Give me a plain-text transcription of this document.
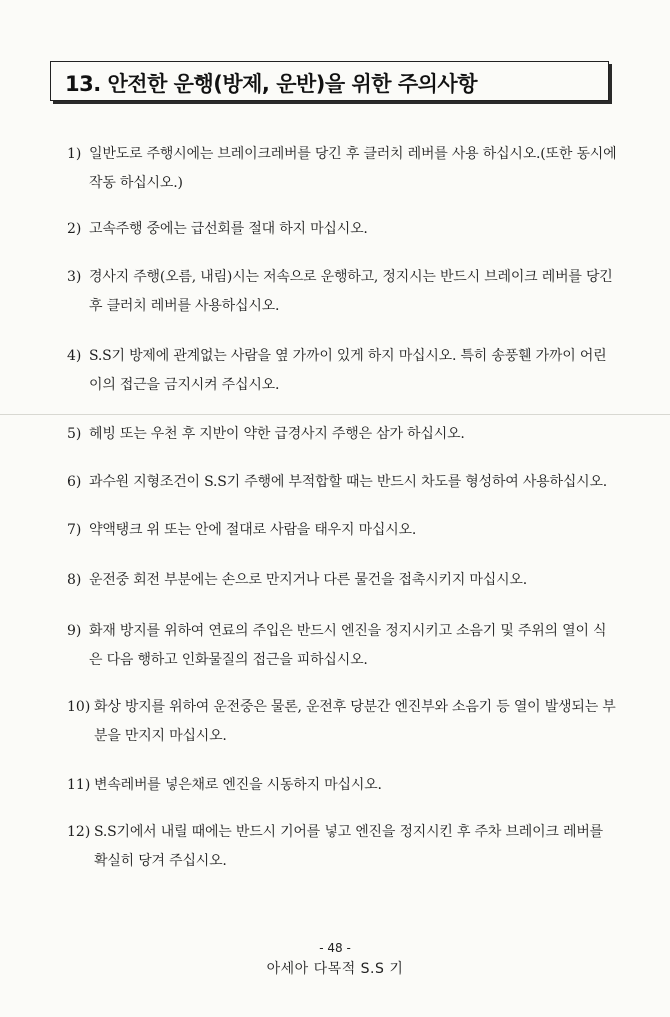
13. 안전한 운행(방제, 운반)을 위한 주의사항
1) 일반도로 주행시에는 브레이크레버를 당긴 후 클러치 레버를 사용 하십시오.(또한 동시에
작동 하십시오.)
2) 고속주행 중에는 급선회를 절대 하지 마십시오.
3) 경사지 주행(오름, 내림)시는 저속으로 운행하고, 정지시는 반드시 브레이크 레버를 당긴
후 클러치 레버를 사용하십시오.
4) S.S기 방제에 관계없는 사람을 옆 가까이 있게 하지 마십시오. 특히 송풍휀 가까이 어린
이의 접근을 금지시켜 주십시오.
5) 헤빙 또는 우천 후 지반이 약한 급경사지 주행은 삼가 하십시오.
6) 과수원 지형조건이 S.S기 주행에 부적합할 때는 반드시 차도를 형성하여 사용하십시오.
7) 약액탱크 위 또는 안에 절대로 사람을 태우지 마십시오.
8) 운전중 회전 부분에는 손으로 만지거나 다른 물건을 접촉시키지 마십시오.
9) 화재 방지를 위하여 연료의 주입은 반드시 엔진을 정지시키고 소음기 및 주위의 열이 식
은 다음 행하고 인화물질의 접근을 피하십시오.
10) 화상 방지를 위하여 운전중은 물론, 운전후 당분간 엔진부와 소음기 등 열이 발생되는 부
분을 만지지 마십시오.
11) 변속레버를 넣은채로 엔진을 시동하지 마십시오.
12) S.S기에서 내릴 때에는 반드시 기어를 넣고 엔진을 정지시킨 후 주차 브레이크 레버를
확실히 당겨 주십시오.
- 48 -
아세아 다목적 S.S 기
